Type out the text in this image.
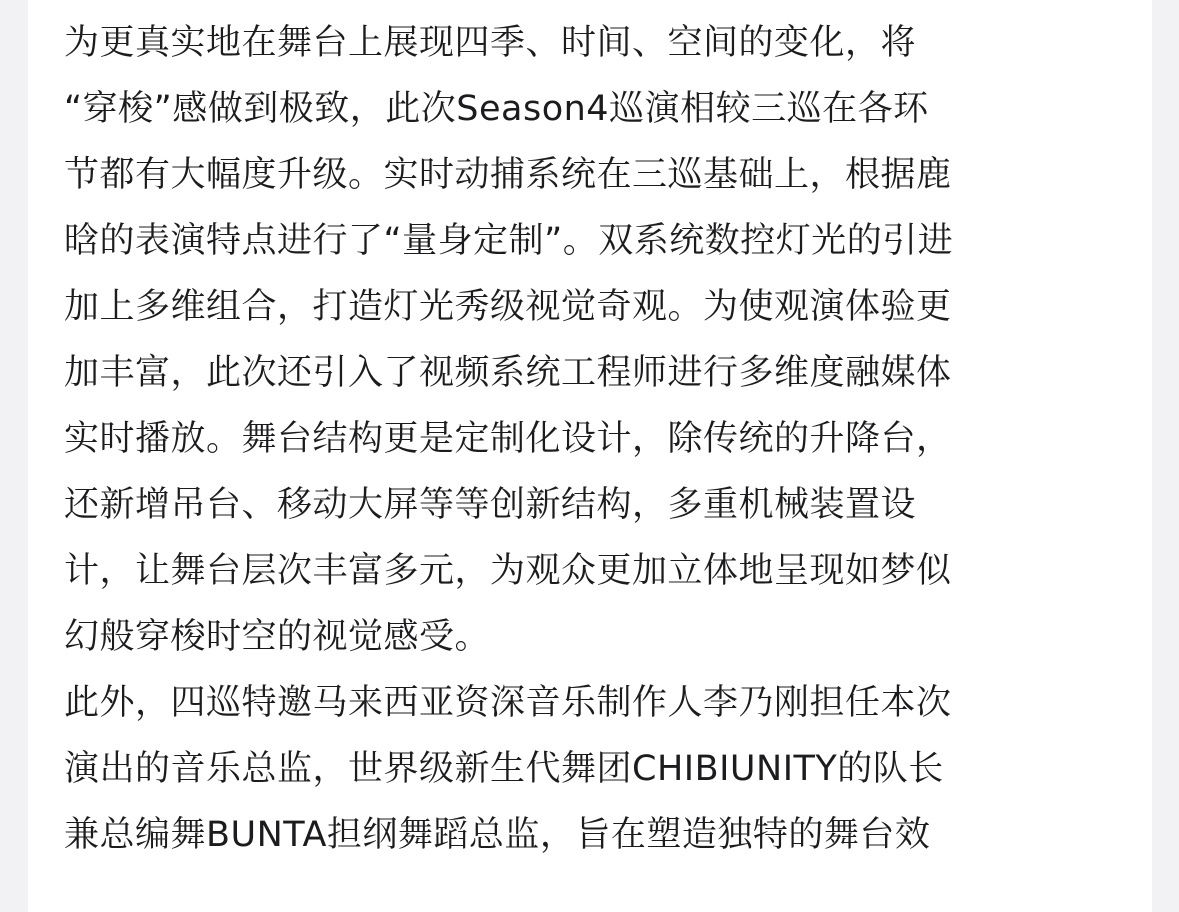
为更真实地在舞台上展现四季、时间、空间的变化，将
“穿梭”感做到极致，此次Season4巡演相较三巡在各环
节都有大幅度升级。实时动捕系统在三巡基础上，根据鹿
晗的表演特点进行了“量身定制”。双系统数控灯光的引进
加上多维组合，打造灯光秀级视觉奇观。为使观演体验更
加丰富，此次还引入了视频系统工程师进行多维度融媒体
实时播放。舞台结构更是定制化设计，除传统的升降台，
还新增吊台、移动大屏等等创新结构，多重机械装置设
计，让舞台层次丰富多元，为观众更加立体地呈现如梦似
幻般穿梭时空的视觉感受。
此外，四巡特邀马来西亚资深音乐制作人李乃刚担任本次
演出的音乐总监，世界级新生代舞团CHIBIUNITY的队长
兼总编舞BUNTA担纲舞蹈总监，旨在塑造独特的舞台效
